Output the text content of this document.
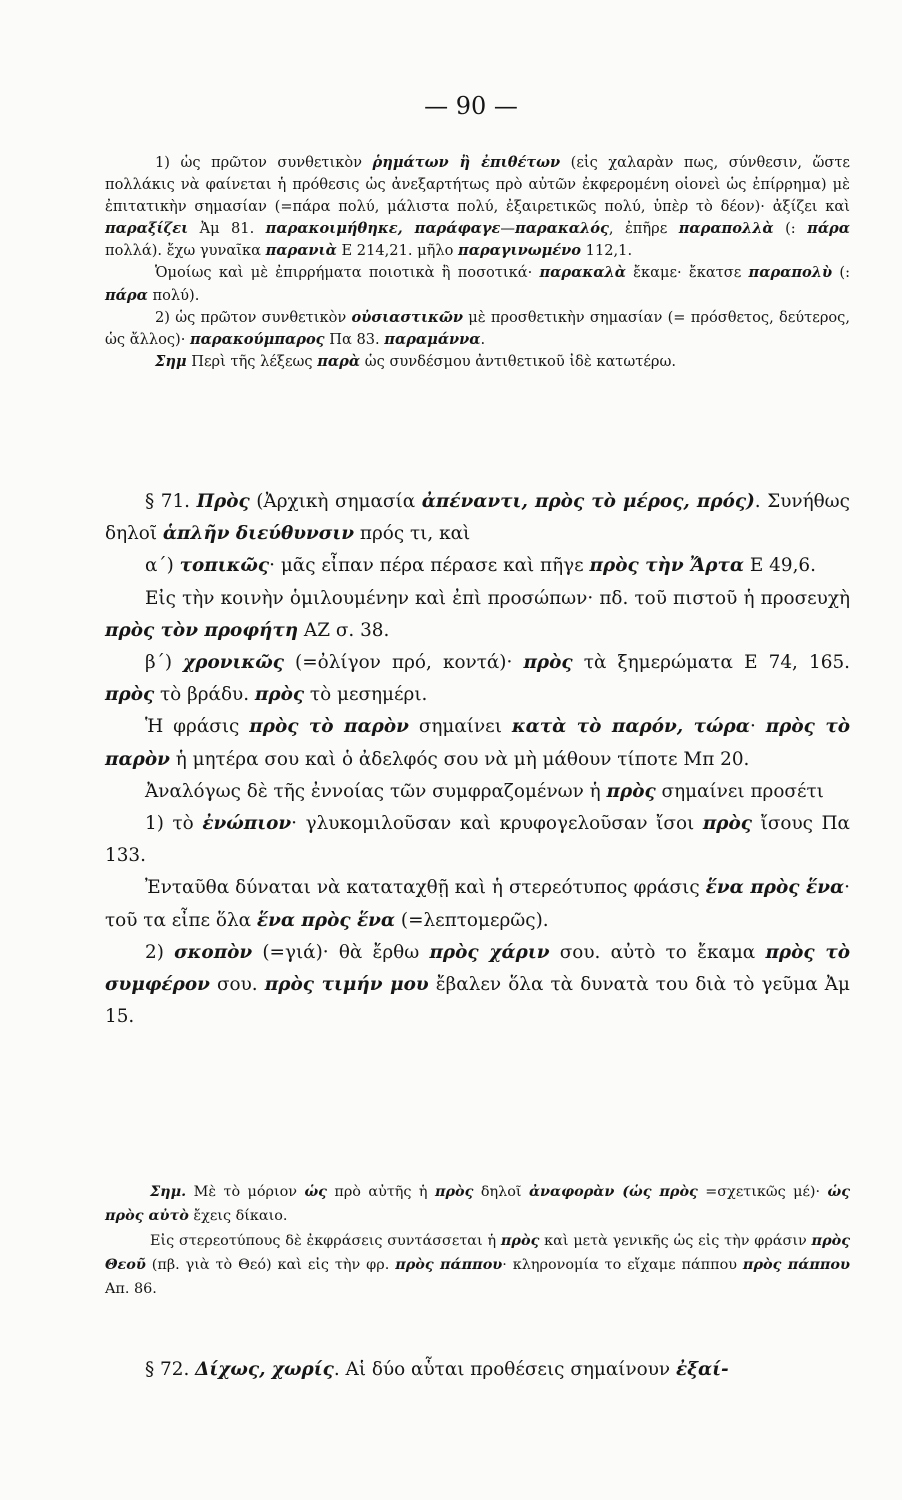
— 90 —

1) ὡς πρῶτον συνθετικὸν ῥημάτων ἢ ἐπιθέτων (εἰς χαλαρὰν πως, σύνθεσιν, ὥστε πολλάκις νὰ φαίνεται ἡ πρόθεσις ὡς ἀνεξαρτήτως πρὸ αὐτῶν ἐκφερομένη οἱονεὶ ὡς ἐπίρρημα) μὲ ἐπιτατικὴν σημασίαν (=πάρα πολύ, μάλιστα πολύ, ἐξαιρετικῶς πολύ, ὑπὲρ τὸ δέον)· ἀξίζει καὶ παραξίζει Ἀμ 81. παρακοιμήθηκε, παράφαγε—παρακαλός, ἐπῆρε παραπολλὰ (: πάρα πολλά). ἔχω γυναῖκα παρανιὰ Ε 214,21. μῆλο παραγινωμένο 112,1.

Ὁμοίως καὶ μὲ ἐπιρρήματα ποιοτικὰ ἢ ποσοτικά· παρακαλὰ ἔκαμε· ἔκατσε παραπολὺ (: πάρα πολύ).

2) ὡς πρῶτον συνθετικὸν οὐσιαστικῶν μὲ προσθετικὴν σημασίαν (= πρόσθετος, δεύτερος, ὡς ἄλλος)· παρακούμπαρος Πα 83. παραμάννα.

Σημ Περὶ τῆς λέξεως παρὰ ὡς συνδέσμου ἀντιθετικοῦ ἰδὲ κατωτέρω.

§ 71. Πρὸς (Ἀρχικὴ σημασία ἀπέναντι, πρὸς τὸ μέρος, πρός). Συνήθως δηλοῖ ἁπλῆν διεύθυνσιν πρός τι, καὶ

α΄) τοπικῶς· μᾶς εἶπαν πέρα πέρασε καὶ πῆγε πρὸς τὴν Ἄρτα Ε 49,6.

Εἰς τὴν κοινὴν ὁμιλουμένην καὶ ἐπὶ προσώπων· πδ. τοῦ πιστοῦ ἡ προσευχὴ πρὸς τὸν προφήτη ΑΖ σ. 38.

β΄) χρονικῶς (=ὀλίγον πρό, κοντά)· πρὸς τὰ ξημερώματα Ε 74, 165. πρὸς τὸ βράδυ. πρὸς τὸ μεσημέρι.

Ἡ φράσις πρὸς τὸ παρὸν σημαίνει κατὰ τὸ παρόν, τώρα· πρὸς τὸ παρὸν ἡ μητέρα σου καὶ ὁ ἀδελφός σου νὰ μὴ μάθουν τίποτε Μπ 20.

Ἀναλόγως δὲ τῆς ἐννοίας τῶν συμφραζομένων ἡ πρὸς σημαίνει προσέτι

1) τὸ ἐνώπιον· γλυκομιλοῦσαν καὶ κρυφογελοῦσαν ἴσοι πρὸς ἴσους Πα 133.

Ἐνταῦθα δύναται νὰ καταταχθῇ καὶ ἡ στερεότυπος φράσις ἕνα πρὸς ἕνα· τοῦ τα εἶπε ὅλα ἕνα πρὸς ἕνα (=λεπτομερῶς).

2) σκοπὸν (=γιά)· θὰ ἔρθω πρὸς χάριν σου. αὐτὸ το ἔκαμα πρὸς τὸ συμφέρον σου. πρὸς τιμήν μου ἔβαλεν ὅλα τὰ δυνατὰ του διὰ τὸ γεῦμα Ἀμ 15.

Σημ. Μὲ τὸ μόριον ὡς πρὸ αὐτῆς ἡ πρὸς δηλοῖ ἀναφορὰν (ὡς πρὸς =σχετικῶς μέ)· ὡς πρὸς αὐτὸ ἔχεις δίκαιο.

Εἰς στερεοτύπους δὲ ἐκφράσεις συντάσσεται ἡ πρὸς καὶ μετὰ γενικῆς ὡς εἰς τὴν φράσιν πρὸς Θεοῦ (πβ. γιὰ τὸ Θεό) καὶ εἰς τὴν φρ. πρὸς πάππου· κληρονομία το εἴχαμε πάππου πρὸς πάππου Απ. 86.

§ 72. Δίχως, χωρίς. Αἱ δύο αὗται προθέσεις σημαίνουν ἐξαί-
